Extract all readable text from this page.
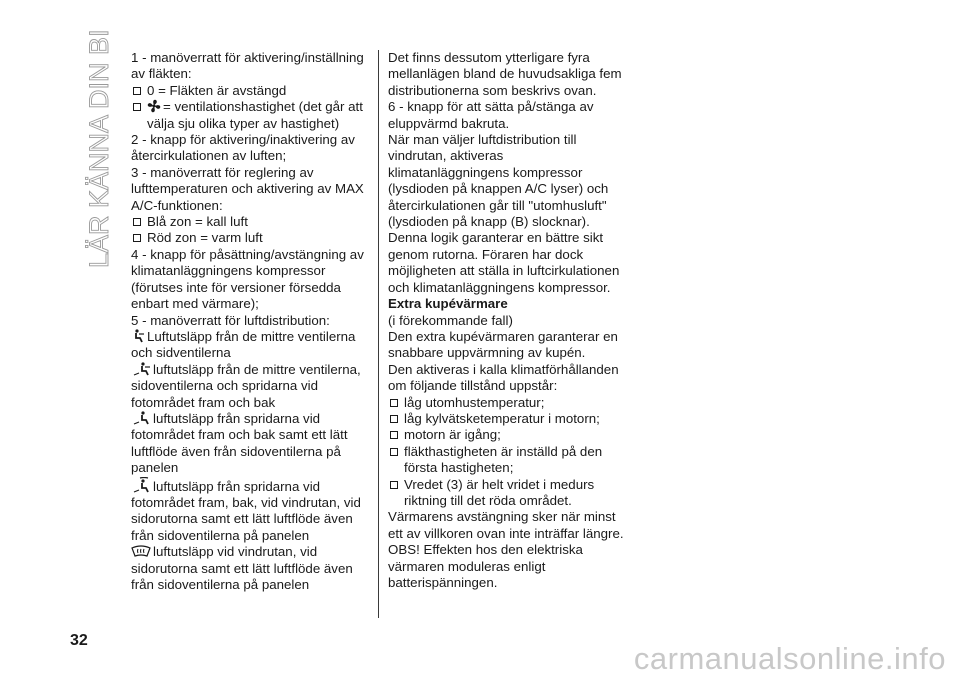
LÄR KÄNNA DIN BIL 1 - manöverratt för aktivering/inställning av fläkten:

0 = Fläkten är avstängd
= ventilationshastighet (det går att välja sju olika typer av hastighet)

2 - knapp för aktivering/inaktivering av återcirkulationen av luften;

3 - manöverratt för reglering av lufttemperaturen och aktivering av MAX A/C-funktionen:

Blå zon = kall luft
Röd zon = varm luft

4 - knapp för påsättning/avstängning av klimatanläggningens kompressor (förutses inte för versioner försedda enbart med värmare);

5 - manöverratt för luftdistribution:

Luftutsläpp från de mittre ventilerna och sidventilerna

luftutsläpp från de mittre ventilerna, sidoventilerna och spridarna vid fotområdet fram och bak

luftutsläpp från spridarna vid fotområdet fram och bak samt ett lätt luftflöde även från sidoventilerna på panelen

luftutsläpp från spridarna vid fotområdet fram, bak, vid vindrutan, vid sidorutorna samt ett lätt luftflöde även från sidoventilerna på panelen

luftutsläpp vid vindrutan, vid sidorutorna samt ett lätt luftflöde även från sidoventilerna på panelen

Det finns dessutom ytterligare fyra mellanlägen bland de huvudsakliga fem distributionerna som beskrivs ovan.

6 - knapp för att sätta på/stänga av eluppvärmd bakruta.

När man väljer luftdistribution till vindrutan, aktiveras klimatanläggningens kompressor (lysdioden på knappen A/C lyser) och återcirkulationen går till "utomhusluft" (lysdioden på knapp (B) slocknar). Denna logik garanterar en bättre sikt genom rutorna. Föraren har dock möjligheten att ställa in luftcirkulationen och klimatanläggningens kompressor.

Extra kupévärmare

(i förekommande fall)

Den extra kupévärmaren garanterar en snabbare uppvärmning av kupén.

Den aktiveras i kalla klimatförhållanden om följande tillstånd uppstår:

låg utomhustemperatur;
låg kylvätsketemperatur i motorn;
motorn är igång;
fläkthastigheten är inställd på den första hastigheten;
Vredet (3) är helt vridet i medurs riktning till det röda området.

Värmarens avstängning sker när minst ett av villkoren ovan inte inträffar längre.

OBS! Effekten hos den elektriska värmaren moduleras enligt batterispänningen.

32
carmanualsonline.info
